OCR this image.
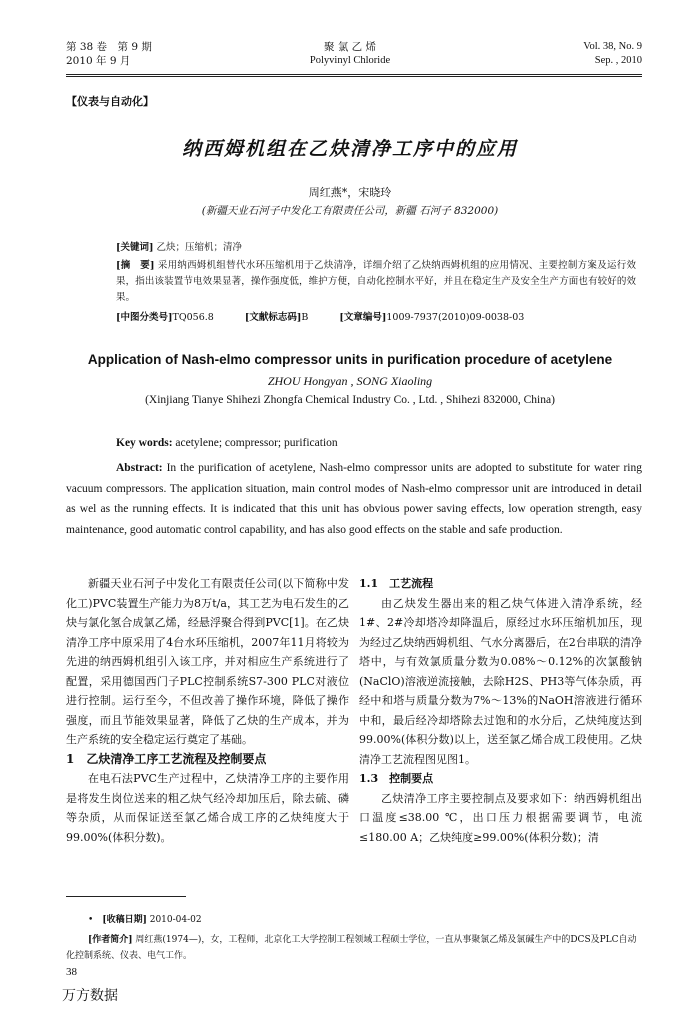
第 38 卷　第 9 期
2010 年 9 月
聚 氯 乙 烯
Polyvinyl Chloride
Vol. 38, No. 9
Sep. , 2010
【仪表与自动化】
纳西姆机组在乙炔清净工序中的应用
周红燕*，宋晓玲
(新疆天业石河子中发化工有限责任公司，新疆 石河子 832000)
[关键词] 乙炔；压缩机；清净
[摘　要] 采用纳西姆机组替代水环压缩机用于乙炔清净，详细介绍了乙炔纳西姆机组的应用情况、主要控制方案及运行效果，指出该装置节电效果显著，操作强度低，维护方便，自动化控制水平好，并且在稳定生产及安全生产方面也有较好的效果。
[中图分类号]TQ056.8	[文献标志码]B	[文章编号]1009-7937(2010)09-0038-03
Application of Nash-elmo compressor units in purification procedure of acetylene
ZHOU Hongyan , SONG Xiaoling
(Xinjiang Tianye Shihezi Zhongfa Chemical Industry Co. , Ltd. , Shihezi 832000, China)
Key words: acetylene; compressor; purification
Abstract: In the purification of acetylene, Nash-elmo compressor units are adopted to substitute for water ring vacuum compressors. The application situation, main control modes of Nash-elmo compressor unit are introduced in detail as wel as the running effects. It is indicated that this unit has obvious power saving effects, low operation strength, easy maintenance, good automatic control capability, and has also good effects on the stable and safe production.

新疆天业石河子中发化工有限责任公司(以下简称中发化工)PVC装置生产能力为8万t/a，其工艺为电石发生的乙炔与氯化氢合成氯乙烯，经悬浮聚合得到PVC[1]。在乙炔清净工序中原采用了4台水环压缩机，2007年11月将较为先进的纳西姆机组引入该工序，并对相应生产系统进行了配置，采用德国西门子PLC控制系统S7-300 PLC对液位进行控制。运行至今，不但改善了操作环境，降低了操作强度，而且节能效果显著，降低了乙炔的生产成本，并为生产系统的安全稳定运行奠定了基础。

1　乙炔清净工序工艺流程及控制要点

在电石法PVC生产过程中，乙炔清净工序的主要作用是将发生岗位送来的粗乙炔气经冷却加压后，除去硫、磷等杂质，从而保证送至氯乙烯合成工序的乙炔纯度大于99.00%(体积分数)。

1.1　工艺流程

由乙炔发生器出来的粗乙炔气体进入清净系统，经1#、2#冷却塔冷却降温后，原经过水环压缩机加压，现为经过乙炔纳西姆机组、气水分离器后，在2台串联的清净塔中，与有效氯质量分数为0.08%～0.12%的次氯酸钠(NaClO)溶液逆流接触，去除H2S、PH3等气体杂质，再经中和塔与质量分数为7%～13%的NaOH溶液进行循环中和，最后经冷却塔除去过饱和的水分后，乙炔纯度达到99.00%(体积分数)以上，送至氯乙烯合成工段使用。乙炔清净工艺流程图见图1。

1.3　控制要点

乙炔清净工序主要控制点及要求如下：纳西姆机组出口温度≤38.00 ℃，出口压力根据需要调节，电流≤180.00 A；乙炔纯度≥99.00%(体积分数)；清

•　[收稿日期] 2010-04-02
[作者简介] 周红燕(1974—)，女，工程师，北京化工大学控制工程领域工程硕士学位，一直从事聚氯乙烯及氯碱生产中的DCS及PLC自动化控制系统、仪表、电气工作。
38
万方数据
